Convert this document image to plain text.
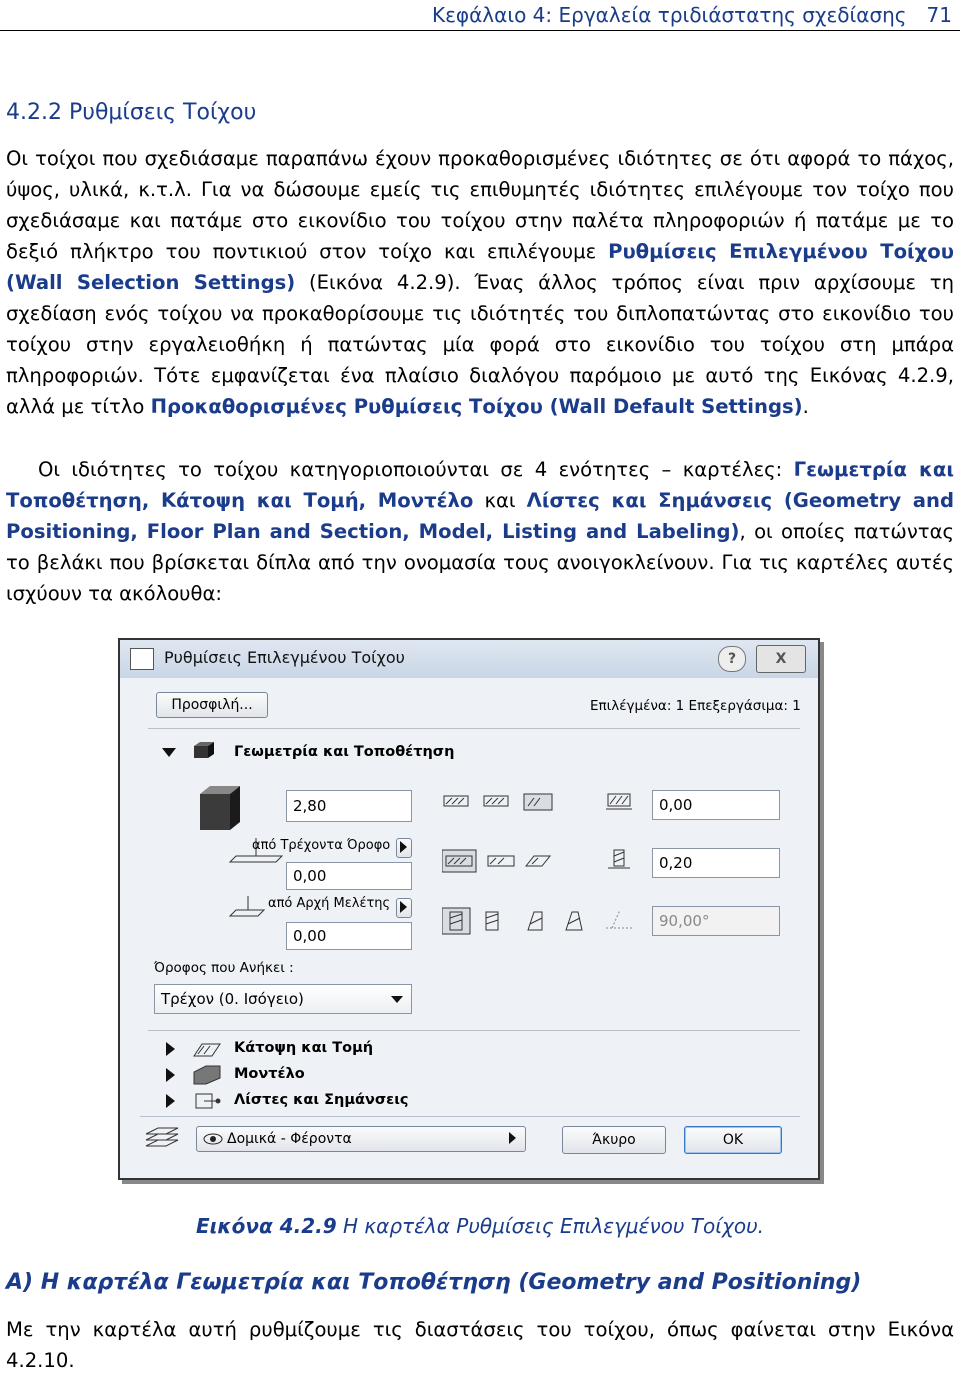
Κεφάλαιο 4: Εργαλεία τριδιάστατης σχεδίασης 71
4.2.2 Ρυθμίσεις Τοίχου
Οι τοίχοι που σχεδιάσαμε παραπάνω έχουν προκαθορισμένες ιδιότητες σε ότι αφορά το πάχος, ύψος, υλικά, κ.τ.λ. Για να δώσουμε εμείς τις επιθυμητές ιδιότητες επιλέγουμε τον τοίχο που σχεδιάσαμε και πατάμε στο εικονίδιο του τοίχου στην παλέτα πληροφοριών ή πατάμε με το δεξιό πλήκτρο του ποντικιού στον τοίχο και επιλέγουμε Ρυθμίσεις Επιλεγμένου Τοίχου (Wall Selection Settings) (Εικόνα 4.2.9). Ένας άλλος τρόπος είναι πριν αρχίσουμε τη σχεδίαση ενός τοίχου να προκαθορίσουμε τις ιδιότητές του διπλοπατώντας στο εικονίδιο του τοίχου στην εργαλειοθήκη ή πατώντας μία φορά στο εικονίδιο του τοίχου στη μπάρα πληροφοριών. Τότε εμφανίζεται ένα πλαίσιο διαλόγου παρόμοιο με αυτό της Εικόνας 4.2.9, αλλά με τίτλο Προκαθορισμένες Ρυθμίσεις Τοίχου (Wall Default Settings).
Οι ιδιότητες το τοίχου κατηγοριοποιούνται σε 4 ενότητες – καρτέλες: Γεωμετρία και Τοποθέτηση, Κάτοψη και Τομή, Μοντέλο και Λίστες και Σημάνσεις (Geometry and Positioning, Floor Plan and Section, Model, Listing and Labeling), οι οποίες πατώντας το βελάκι που βρίσκεται δίπλα από την ονομασία τους ανοιγοκλείνουν. Για τις καρτέλες αυτές ισχύουν τα ακόλουθα:
Ρυθμίσεις Επιλεγμένου Τοίχου	?	X
Προσφιλή...	Επιλέγμένα: 1 Επεξεργάσιμα: 1
Γεωμετρία και Τοποθέτηση
2,80
από Τρέχοντα Όροφο
0,00
από Αρχή Μελέτης
0,00
Όροφος που Ανήκει :
Τρέχον (0. Ισόγειο)
0,00
0,20
90,00°
Κάτοψη και Τομή
Μοντέλο
Λίστες και Σημάνσεις
Δομικά - Φέροντα	Άκυρο	OK
Εικόνα 4.2.9 Η καρτέλα Ρυθμίσεις Επιλεγμένου Τοίχου.
Α) Η καρτέλα Γεωμετρία και Τοποθέτηση (Geometry and Positioning)
Με την καρτέλα αυτή ρυθμίζουμε τις διαστάσεις του τοίχου, όπως φαίνεται στην Εικόνα 4.2.10.
